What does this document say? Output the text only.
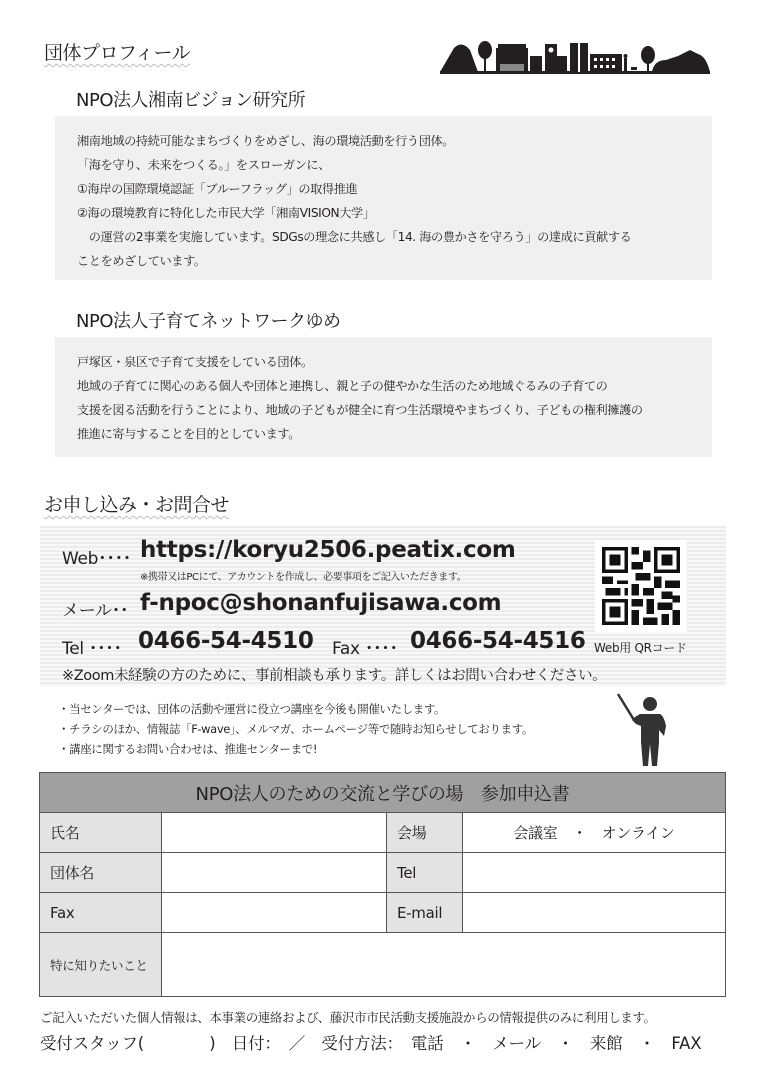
団体プロフィール
NPO法人湘南ビジョン研究所
湘南地域の持続可能なまちづくりをめざし、海の環境活動を行う団体。
「海を守り、未来をつくる。」をスローガンに、
①海岸の国際環境認証「ブルーフラッグ」の取得推進
②海の環境教育に特化した市民大学「湘南VISION大学」
　の運営の2事業を実施しています。SDGsの理念に共感し「14. 海の豊かさを守ろう」の達成に貢献する
ことをめざしています。
NPO法人子育てネットワークゆめ
戸塚区・泉区で子育て支援をしている団体。
地域の子育てに関心のある個人や団体と連携し、親と子の健やかな生活のため地域ぐるみの子育ての
支援を図る活動を行うことにより、地域の子どもが健全に育つ生活環境やまちづくり、子どもの権利擁護の
推進に寄与することを目的としています。
お申し込み・お問合せ
Web････ https://koryu2506.peatix.com
※携帯又はPCにて、アカウントを作成し、必要事項をご記入いただきます。
メール･･ f-npoc@shonanfujisawa.com
Tel ････ 0466-54-4510 Fax ････ 0466-54-4516 Web用 QRコード
※Zoom未経験の方のために、事前相談も承ります。詳しくはお問い合わせください。
・当センターでは、団体の活動や運営に役立つ講座を今後も開催いたします。
・チラシのほか、情報誌「F-wave」、メルマガ、ホームページ等で随時お知らせしております。
・講座に関するお問い合わせは、推進センターまで!
NPO法人のための交流と学びの場　参加申込書			
氏名		会場	会議室　・　オンライン
団体名		Tel	
Fax		E-mail	
特に知りたいこと			
ご記入いただいた個人情報は、本事業の連絡および、藤沢市市民活動支援施設からの情報提供のみに利用します。
受付スタッフ(　　　　)　日付：　／　受付方法：　電話　・　メール　・　来館　・　FAX
